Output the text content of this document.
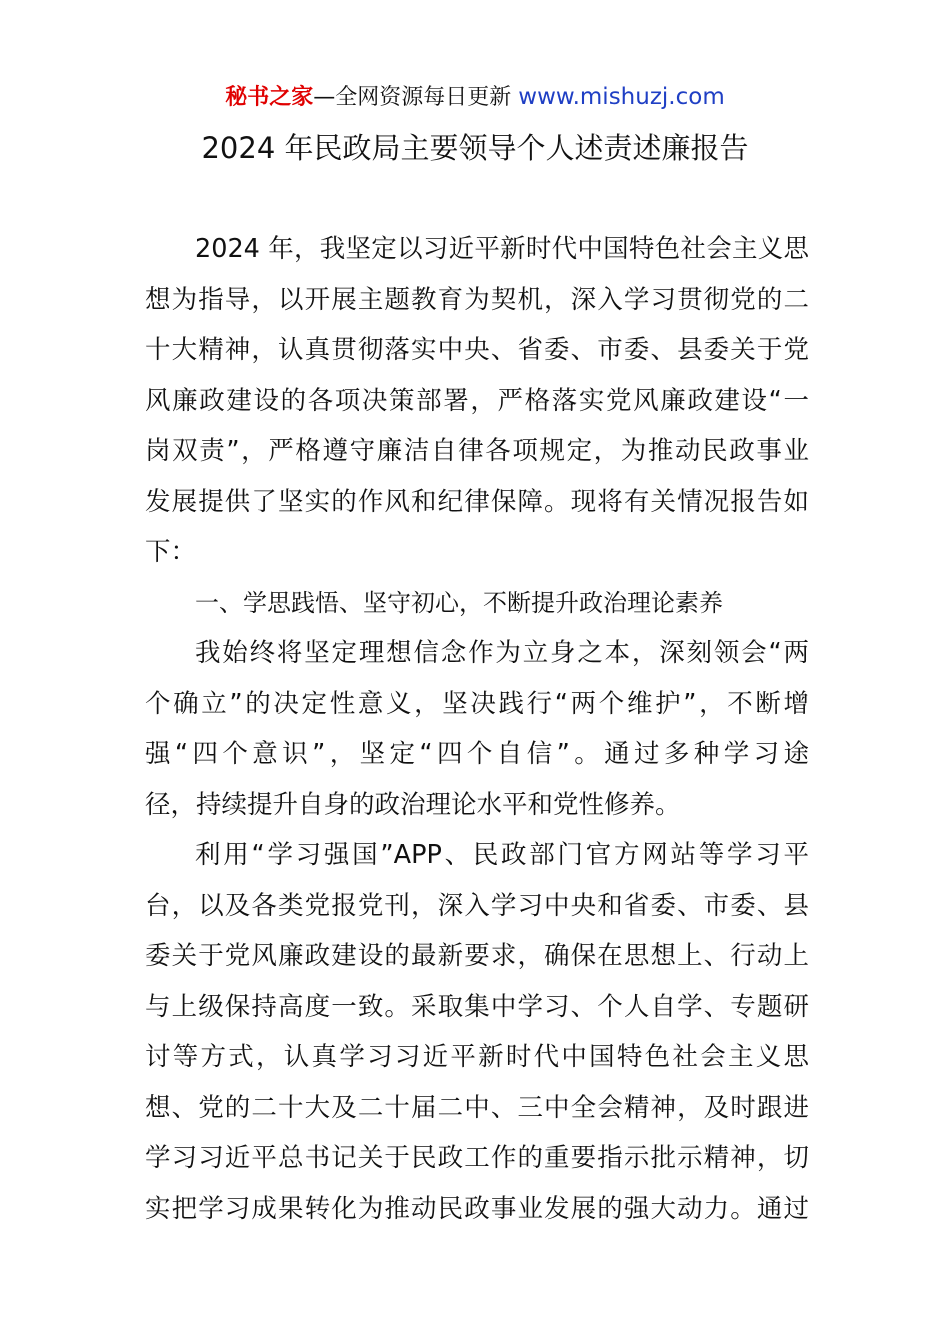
秘书之家—全网资源每日更新 www.mishuzj.com
2024 年民政局主要领导个人述责述廉报告
2024 年，我坚定以习近平新时代中国特色社会主义思
想为指导，以开展主题教育为契机，深入学习贯彻党的二
十大精神，认真贯彻落实中央、省委、市委、县委关于党
风廉政建设的各项决策部署，严格落实党风廉政建设“一
岗双责”，严格遵守廉洁自律各项规定，为推动民政事业
发展提供了坚实的作风和纪律保障。现将有关情况报告如
下：
一、学思践悟、坚守初心，不断提升政治理论素养
我始终将坚定理想信念作为立身之本，深刻领会“两
个确立”的决定性意义，坚决践行“两个维护”，不断增
强“四个意识”，坚定“四个自信”。通过多种学习途
径，持续提升自身的政治理论水平和党性修养。
利用“学习强国”APP、民政部门官方网站等学习平
台，以及各类党报党刊，深入学习中央和省委、市委、县
委关于党风廉政建设的最新要求，确保在思想上、行动上
与上级保持高度一致。采取集中学习、个人自学、专题研
讨等方式，认真学习习近平新时代中国特色社会主义思
想、党的二十大及二十届二中、三中全会精神，及时跟进
学习习近平总书记关于民政工作的重要指示批示精神，切
实把学习成果转化为推动民政事业发展的强大动力。通过
